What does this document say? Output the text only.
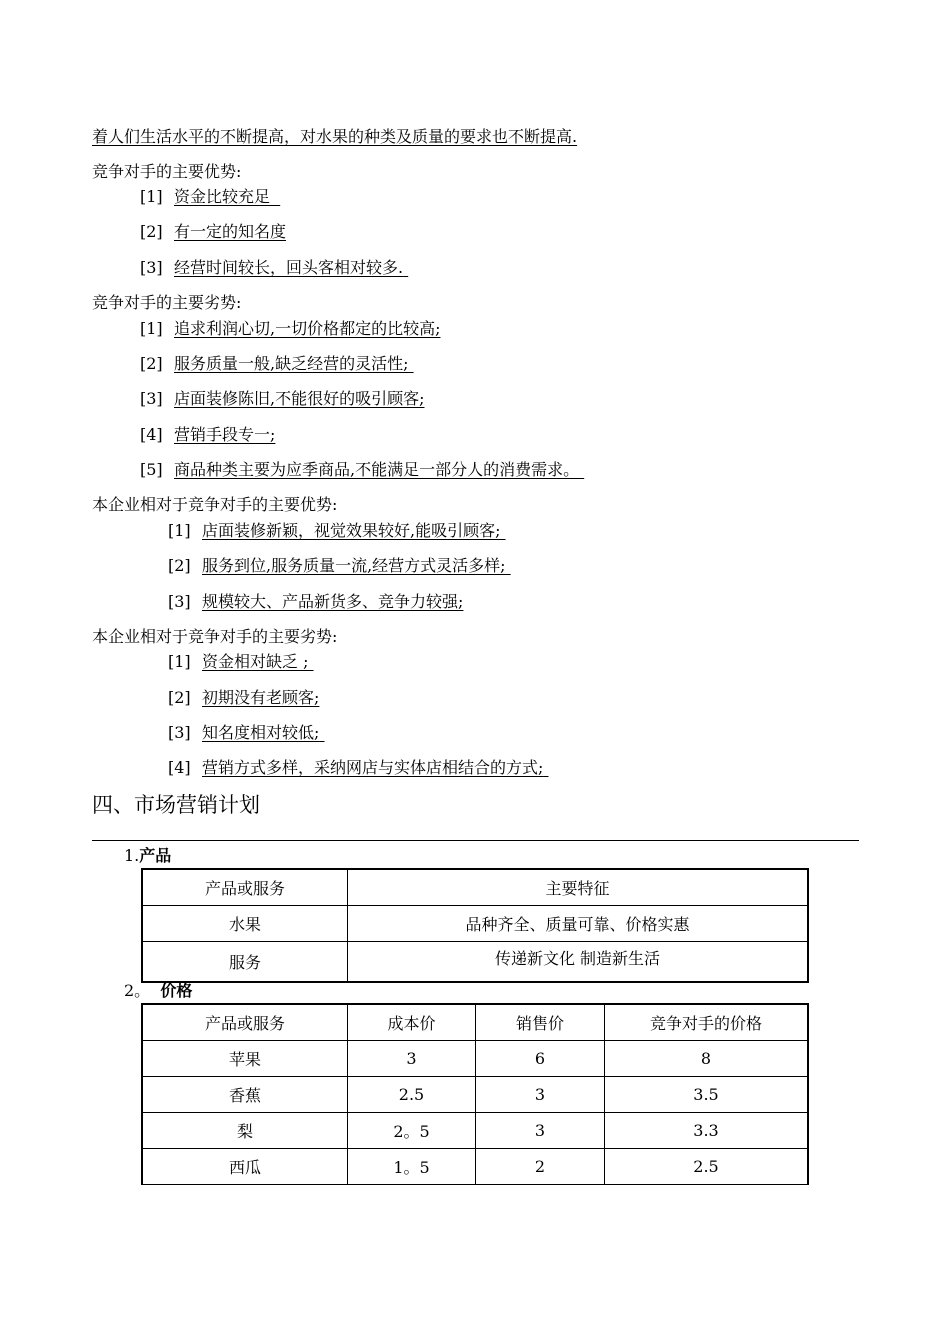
着人们生活水平的不断提高，对水果的种类及质量的要求也不断提高.
竞争对手的主要优势:
[1] 资金比较充足
[2] 有一定的知名度
[3] 经营时间较长，回头客相对较多.
竞争对手的主要劣势:
[1] 追求利润心切,一切价格都定的比较高;
[2] 服务质量一般,缺乏经营的灵活性;
[3] 店面装修陈旧,不能很好的吸引顾客;
[4] 营销手段专一;
[5] 商品种类主要为应季商品,不能满足一部分人的消费需求。
本企业相对于竞争对手的主要优势:
[1] 店面装修新颖，视觉效果较好,能吸引顾客;
[2] 服务到位,服务质量一流,经营方式灵活多样;
[3] 规模较大、产品新货多、竞争力较强;
本企业相对于竞争对手的主要劣势:
[1] 资金相对缺乏 ;
[2] 初期没有老顾客;
[3] 知名度相对较低;
[4] 营销方式多样，采纳网店与实体店相结合的方式;
四、市场营销计划
1.产品
产品或服务	主要特征
水果	品种齐全、质量可靠、价格实惠
服务	传递新文化 制造新生活
2。 价格
产品或服务	成本价	销售价	竞争对手的价格
苹果	3	6	8
香蕉	2.5	3	3.5
梨	2。5	3	3.3
西瓜	1。5	2	2.5
